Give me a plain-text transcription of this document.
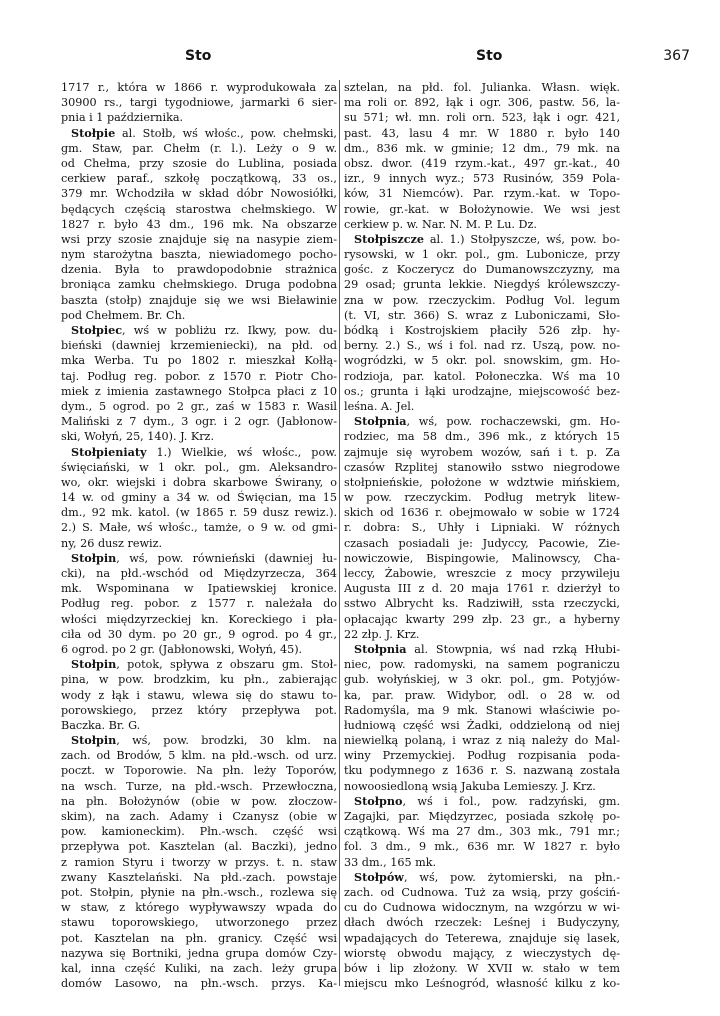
Sto	Sto	367
1717 r., która w 1866 r. wyprodukowała za
30900 rs., targi tygodniowe, jarmarki 6 sier-
pnia i 1 października.
Stołpie al. Stołb, wś włośc., pow. chełmski,
gm. Staw, par. Chełm (r. l.). Leży o 9 w.
od Chełma, przy szosie do Lublina, posiada
cerkiew paraf., szkołę początkową, 33 os.,
379 mr. Wchodziła w skład dóbr Nowosiółki,
będących częścią starostwa chełmskiego. W
1827 r. było 43 dm., 196 mk. Na obszarze
wsi przy szosie znajduje się na nasypie ziem-
nym starożytna baszta, niewiadomego pocho-
dzenia. Była to prawdopodobnie strażnica
broniąca zamku chełmskiego. Druga podobna
baszta (stołp) znajduje się we wsi Bieławinie
pod Chełmem. Br. Ch.
Stołpiec, wś w pobliżu rz. Ikwy, pow. du-
bieński (dawniej krzemieniecki), na płd. od
mka Werba. Tu po 1802 r. mieszkał Kołłą-
taj. Podług reg. pobor. z 1570 r. Piotr Cho-
miek z imienia zastawnego Stołpca płaci z 10
dym., 5 ogrod. po 2 gr., zaś w 1583 r. Wasil
Maliński z 7 dym., 3 ogr. i 2 ogr. (Jabłonow-
ski, Wołyń, 25, 140). J. Krz.
Stołpieniaty 1.) Wielkie, wś włośc., pow.
święciański, w 1 okr. pol., gm. Aleksandro-
wo, okr. wiejski i dobra skarbowe Świrany, o
14 w. od gminy a 34 w. od Święcian, ma 15
dm., 92 mk. katol. (w 1865 r. 59 dusz rewiz.).
2.) S. Małe, wś włośc., tamże, o 9 w. od gmi-
ny, 26 dusz rewiz.
Stołpin, wś, pow. równieński (dawniej łu-
cki), na płd.-wschód od Międzyrzecza, 364
mk. Wspominana w Ipatiewskiej kronice.
Podług reg. pobor. z 1577 r. należała do
włości międzyrzeckiej kn. Koreckiego i pła-
ciła od 30 dym. po 20 gr., 9 ogrod. po 4 gr.,
6 ogrod. po 2 gr. (Jabłonowski, Wołyń, 45).
Stołpin, potok, spływa z obszaru gm. Stoł-
pina, w pow. brodzkim, ku płn., zabierając
wody z łąk i stawu, wlewa się do stawu to-
porowskiego, przez który przepływa pot.
Baczka. Br. G.
Stołpin, wś, pow. brodzki, 30 klm. na
zach. od Brodów, 5 klm. na płd.-wsch. od urz.
poczt. w Toporowie. Na płn. leży Toporów,
na wsch. Turze, na płd.-wsch. Przewłoczna,
na płn. Bołożynów (obie w pow. złoczow-
skim), na zach. Adamy i Czanysz (obie w
pow. kamioneckim). Płn.-wsch. część wsi
przepływa pot. Kasztelan (al. Baczki), jedno
z ramion Styru i tworzy w przys. t. n. staw
zwany Kasztelański. Na płd.-zach. powstaje
pot. Stołpin, płynie na płn.-wsch., rozlewa się
w staw, z którego wypływawszy wpada do
stawu toporowskiego, utworzonego przez
pot. Kasztelan na płn. granicy. Część wsi
nazywa się Bortniki, jedna grupa domów Czy-
kal, inna część Kuliki, na zach. leży grupa
domów Lasowo, na płn.-wsch. przys. Ka-
sztelan, na płd. fol. Julianka. Własn. więk.
ma roli or. 892, łąk i ogr. 306, pastw. 56, la-
su 571; wł. mn. roli orn. 523, łąk i ogr. 421,
past. 43, lasu 4 mr. W 1880 r. było 140
dm., 836 mk. w gminie; 12 dm., 79 mk. na
obsz. dwor. (419 rzym.-kat., 497 gr.-kat., 40
izr., 9 innych wyz.; 573 Rusinów, 359 Pola-
ków, 31 Niemców). Par. rzym.-kat. w Topo-
rowie, gr.-kat. w Bołożynowie. We wsi jest
cerkiew p. w. Nar. N. M. P. Lu. Dz.
Stołpiszcze al. 1.) Stołpyszcze, wś, pow. bo-
rysowski, w 1 okr. pol., gm. Lubonicze, przy
gośc. z Koczerycz do Dumanowszczyzny, ma
29 osad; grunta lekkie. Niegdyś królewszczy-
zna w pow. rzeczyckim. Podług Vol. legum
(t. VI, str. 366) S. wraz z Luboniczami, Sło-
bódką i Kostrojskiem płaciły 526 złp. hy-
berny. 2.) S., wś i fol. nad rz. Uszą, pow. no-
wogródzki, w 5 okr. pol. snowskim, gm. Ho-
rodzioja, par. katol. Połoneczka. Wś ma 10
os.; grunta i łąki urodzajne, miejscowość bez-
leśna. A. Jel.
Stołpnia, wś, pow. rochaczewski, gm. Ho-
rodziec, ma 58 dm., 396 mk., z których 15
zajmuje się wyrobem wozów, sań i t. p. Za
czasów Rzplitej stanowiło sstwo niegrodowe
stołpnieńskie, położone w wdztwie mińskiem,
w pow. rzeczyckim. Podług metryk litew-
skich od 1636 r. obejmowało w sobie w 1724
r. dobra: S., Uhły i Lipniaki. W różnych
czasach posiadali je: Judyccy, Pacowie, Zie-
nowiczowie, Bispingowie, Malinowscy, Cha-
leccy, Żabowie, wreszcie z mocy przywileju
Augusta III z d. 20 maja 1761 r. dzierżył to
sstwo Albrycht ks. Radziwiłł, ssta rzeczycki,
opłacając kwarty 299 złp. 23 gr., a hyberny
22 złp. J. Krz.
Stołpnia al. Stowpnia, wś nad rzką Hłubi-
niec, pow. radomyski, na samem pograniczu
gub. wołyńskiej, w 3 okr. pol., gm. Potyjów-
ka, par. praw. Widybor, odl. o 28 w. od
Radomyśla, ma 9 mk. Stanowi właściwie po-
łudniową część wsi Żadki, oddzieloną od niej
niewielką polaną, i wraz z nią należy do Mal-
winy Przemyckiej. Podług rozpisania poda-
tku podymnego z 1636 r. S. nazwaną została
nowoosiedloną wsią Jakuba Lemieszy. J. Krz.
Stołpno, wś i fol., pow. radzyński, gm.
Zagajki, par. Międzyrzec, posiada szkołę po-
czątkową. Wś ma 27 dm., 303 mk., 791 mr.;
fol. 3 dm., 9 mk., 636 mr. W 1827 r. było
33 dm., 165 mk.
Stołpów, wś, pow. żytomierski, na płn.-
zach. od Cudnowa. Tuż za wsią, przy gościń-
cu do Cudnowa widocznym, na wzgórzu w wi-
dłach dwóch rzeczek: Leśnej i Budyczyny,
wpadających do Teterewa, znajduje się lasek,
wiorstę obwodu mający, z wieczystych dę-
bów i lip złożony. W XVII w. stało w tem
miejscu mko Leśnogród, własność kilku z ko-
